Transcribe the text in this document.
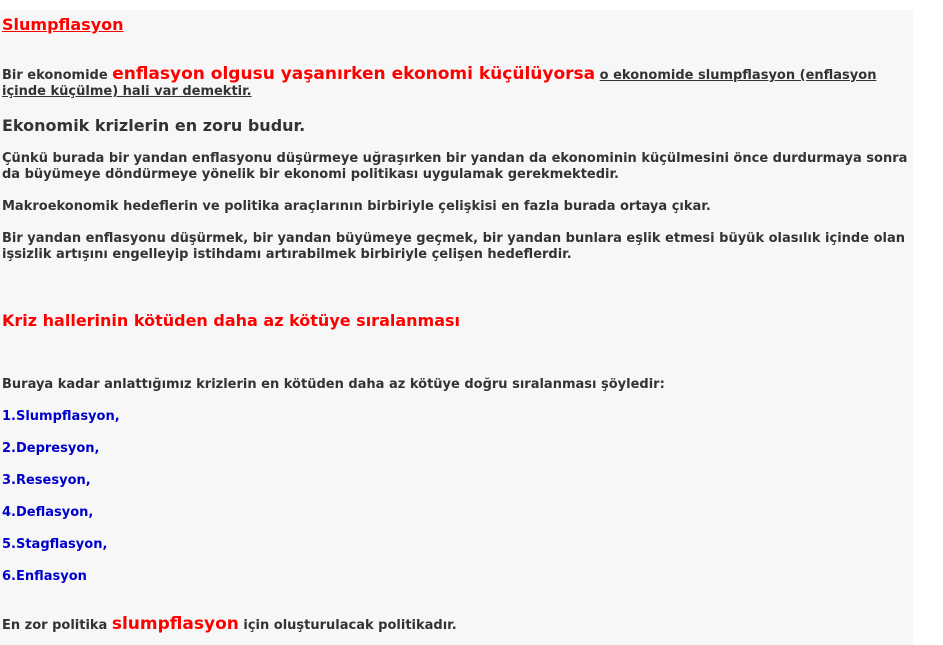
Slumpflasyon

Bir ekonomide enflasyon olgusu yaşanırken ekonomi küçülüyorsa o ekonomide slumpflasyon (enflasyon içinde küçülme) hali var demektir.

Ekonomik krizlerin en zoru budur.

Çünkü burada bir yandan enflasyonu düşürmeye uğraşırken bir yandan da ekonominin küçülmesini önce durdurmaya sonra da büyümeye döndürmeye yönelik bir ekonomi politikası uygulamak gerekmektedir.

Makroekonomik hedeflerin ve politika araçlarının birbiriyle çelişkisi en fazla burada ortaya çıkar.

Bir yandan enflasyonu düşürmek, bir yandan büyümeye geçmek, bir yandan bunlara eşlik etmesi büyük olasılık içinde olan işsizlik artışını engelleyip istihdamı artırabilmek birbiriyle çelişen hedeflerdir.

Kriz hallerinin kötüden daha az kötüye sıralanması

Buraya kadar anlattığımız krizlerin en kötüden daha az kötüye doğru sıralanması şöyledir:

1.Slumpflasyon,
2.Depresyon,
3.Resesyon,
4.Deflasyon,
5.Stagflasyon,
6.Enflasyon

En zor politika slumpflasyon için oluşturulacak politikadır.
